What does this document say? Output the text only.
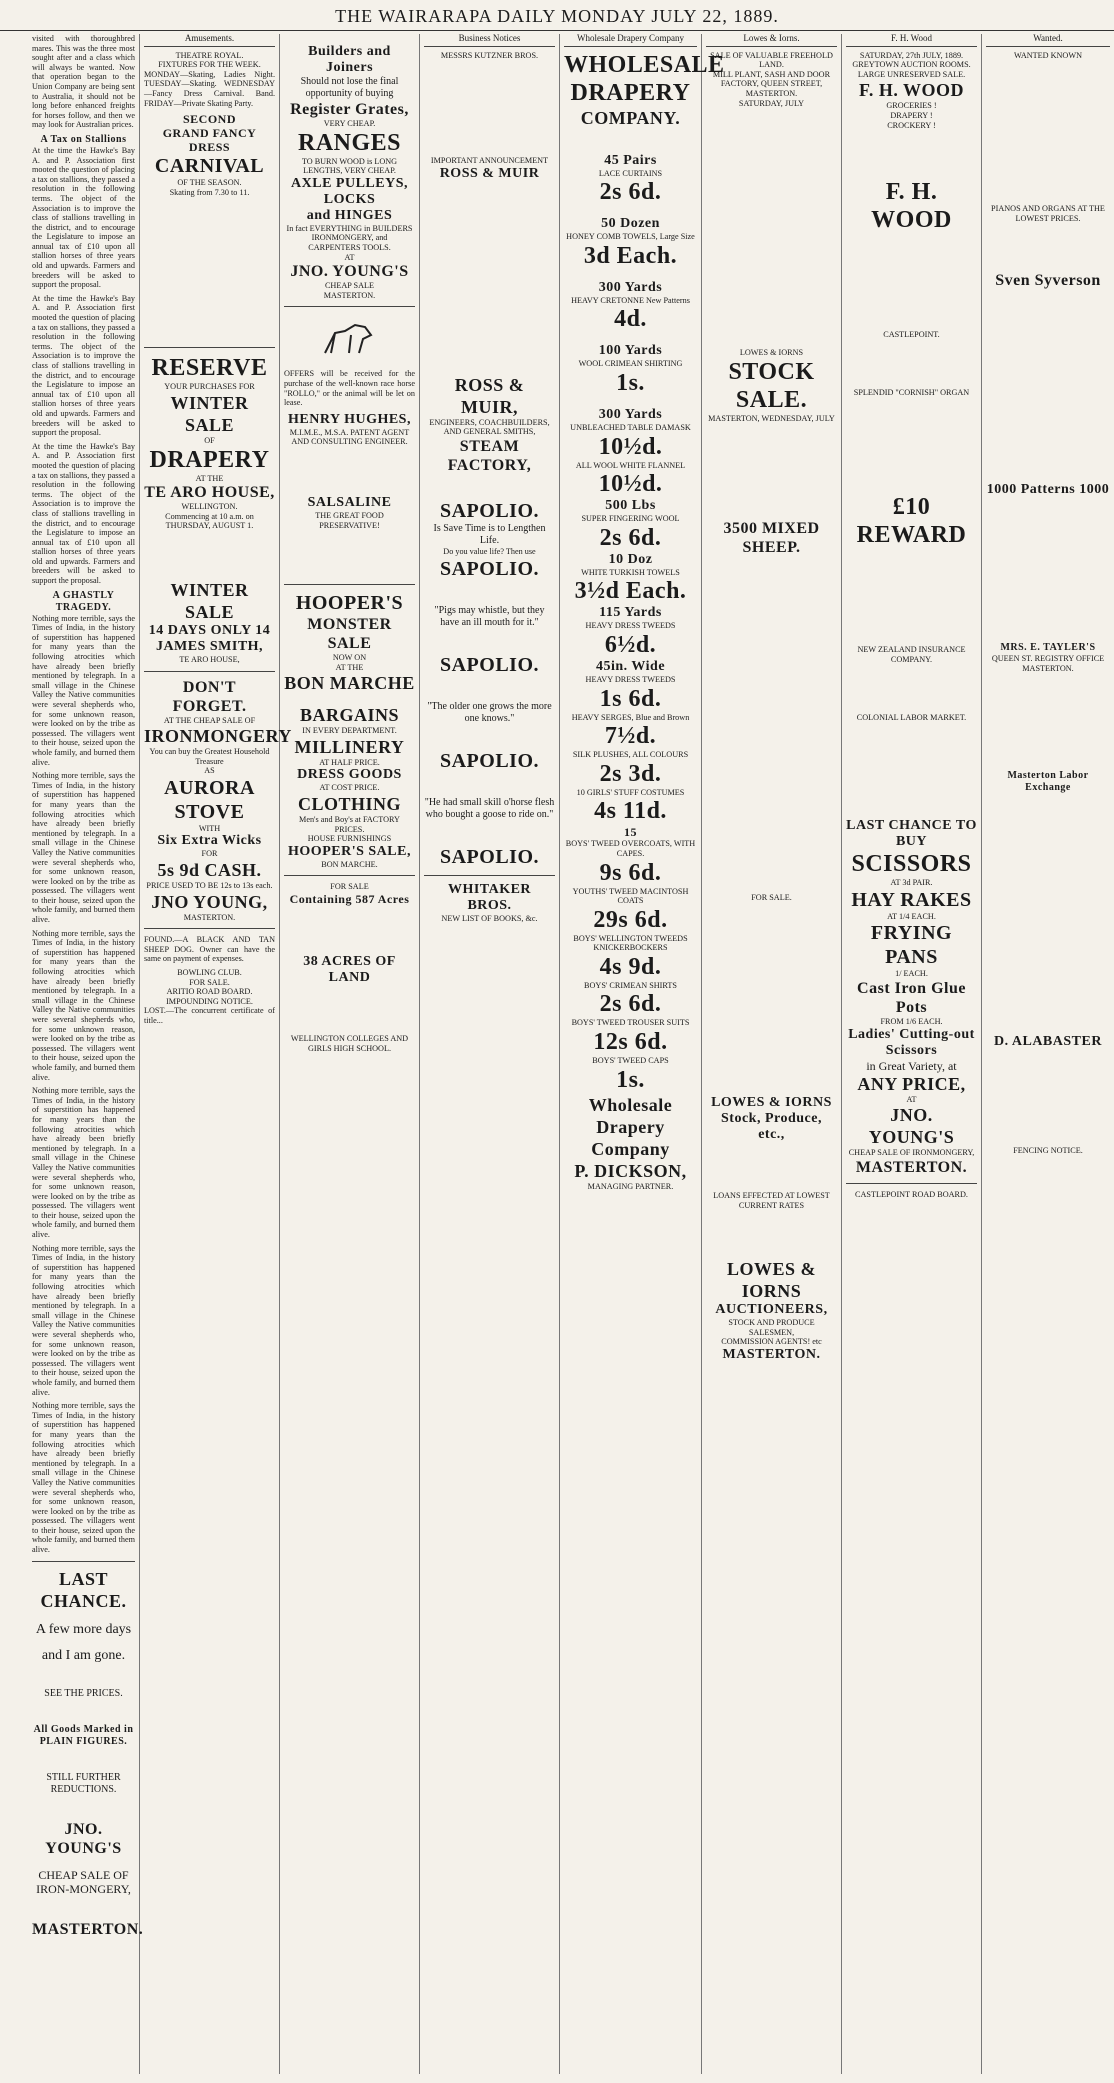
THE WAIRARAPA DAILY MONDAY JULY 22, 1889.

visited with thoroughbred mares. This was the three most sought after and a class which will always be wanted. Now that operation began to the Union Company are being sent to Australia, it should not be long before enhanced freights for horses follow, and then we may look for Australian prices.

A Tax on Stallions

At the time the Hawke's Bay A. and P. Association first mooted the question of placing a tax on stallions, they passed a resolution in the following terms. The object of the Association is to improve the class of stallions travelling in the district, and to encourage the Legislature to impose an annual tax of £10 upon all stallion horses of three years old and upwards. Farmers and breeders will be asked to support the proposal.

At the time the Hawke's Bay A. and P. Association first mooted the question of placing a tax on stallions, they passed a resolution in the following terms. The object of the Association is to improve the class of stallions travelling in the district, and to encourage the Legislature to impose an annual tax of £10 upon all stallion horses of three years old and upwards. Farmers and breeders will be asked to support the proposal.

At the time the Hawke's Bay A. and P. Association first mooted the question of placing a tax on stallions, they passed a resolution in the following terms. The object of the Association is to improve the class of stallions travelling in the district, and to encourage the Legislature to impose an annual tax of £10 upon all stallion horses of three years old and upwards. Farmers and breeders will be asked to support the proposal.

A GHASTLY TRAGEDY.

Nothing more terrible, says the Times of India, in the history of superstition has happened for many years than the following atrocities which have already been briefly mentioned by telegraph. In a small village in the Chinese Valley the Native communities were several shepherds who, for some unknown reason, were looked on by the tribe as possessed. The villagers went to their house, seized upon the whole family, and burned them alive.

Nothing more terrible, says the Times of India, in the history of superstition has happened for many years than the following atrocities which have already been briefly mentioned by telegraph. In a small village in the Chinese Valley the Native communities were several shepherds who, for some unknown reason, were looked on by the tribe as possessed. The villagers went to their house, seized upon the whole family, and burned them alive.

Nothing more terrible, says the Times of India, in the history of superstition has happened for many years than the following atrocities which have already been briefly mentioned by telegraph. In a small village in the Chinese Valley the Native communities were several shepherds who, for some unknown reason, were looked on by the tribe as possessed. The villagers went to their house, seized upon the whole family, and burned them alive.

Nothing more terrible, says the Times of India, in the history of superstition has happened for many years than the following atrocities which have already been briefly mentioned by telegraph. In a small village in the Chinese Valley the Native communities were several shepherds who, for some unknown reason, were looked on by the tribe as possessed. The villagers went to their house, seized upon the whole family, and burned them alive.

Nothing more terrible, says the Times of India, in the history of superstition has happened for many years than the following atrocities which have already been briefly mentioned by telegraph. In a small village in the Chinese Valley the Native communities were several shepherds who, for some unknown reason, were looked on by the tribe as possessed. The villagers went to their house, seized upon the whole family, and burned them alive.

Nothing more terrible, says the Times of India, in the history of superstition has happened for many years than the following atrocities which have already been briefly mentioned by telegraph. In a small village in the Chinese Valley the Native communities were several shepherds who, for some unknown reason, were looked on by the tribe as possessed. The villagers went to their house, seized upon the whole family, and burned them alive.

LAST CHANCE.
A few more days
and I am gone.
SEE THE PRICES.
All Goods Marked in PLAIN FIGURES.
STILL FURTHER REDUCTIONS.
JNO. YOUNG'S
CHEAP SALE OF IRON-MONGERY,
MASTERTON.
Amusements.
THEATRE ROYAL.
FIXTURES FOR THE WEEK.

MONDAY—Skating, Ladies Night. TUESDAY—Skating. WEDNESDAY—Fancy Dress Carnival. Band. FRIDAY—Private Skating Party.

SECOND
GRAND FANCY DRESS
CARNIVAL
OF THE SEASON.
Skating from 7.30 to 11.
RESERVE
YOUR PURCHASES FOR
WINTER SALE
OF
DRAPERY
AT THE
TE ARO HOUSE,
WELLINGTON.
Commencing at 10 a.m. on THURSDAY, AUGUST 1.
WINTER SALE
14 DAYS ONLY 14
JAMES SMITH,
TE ARO HOUSE,
DON'T FORGET.
AT THE CHEAP SALE OF
IRONMONGERY
You can buy the Greatest Household Treasure
AS
AURORA STOVE
WITH
Six Extra Wicks
FOR
5s 9d CASH.
PRICE USED TO BE 12s to 13s each.
JNO YOUNG,
MASTERTON.

FOUND.—A BLACK AND TAN SHEEP DOG. Owner can have the same on payment of expenses.

BOWLING CLUB.
FOR SALE.
ARITIO ROAD BOARD.
IMPOUNDING NOTICE.

LOST.—The concurrent certificate of title...

Builders and Joiners
Should not lose the final opportunity of buying
Register Grates,
VERY CHEAP.
RANGES
TO BURN WOOD is LONG
LENGTHS, VERY CHEAP.
AXLE PULLEYS, LOCKS
and HINGES
In fact EVERYTHING in BUILDERS IRONMONGERY, and
CARPENTERS TOOLS.
AT
JNO. YOUNG'S
CHEAP SALE
MASTERTON.

OFFERS will be received for the purchase of the well-known race horse "ROLLO," or the animal will be let on lease.

HENRY HUGHES,
M.I.M.E., M.S.A. PATENT AGENT AND CONSULTING ENGINEER.
SALSALINE
THE GREAT FOOD PRESERVATIVE!
HOOPER'S
MONSTER SALE
NOW ON
AT THE
BON MARCHE
BARGAINS
IN EVERY DEPARTMENT.
MILLINERY
AT HALF PRICE.
DRESS GOODS
AT COST PRICE.
CLOTHING
Men's and Boy's at FACTORY PRICES.
HOUSE FURNISHINGS
HOOPER'S SALE,
BON MARCHE.
FOR SALE
Containing 587 Acres
38 ACRES OF LAND
WELLINGTON COLLEGES AND GIRLS HIGH SCHOOL.
Business Notices
MESSRS KUTZNER BROS.
IMPORTANT ANNOUNCEMENT
ROSS & MUIR
ROSS & MUIR,
ENGINEERS, COACHBUILDERS, AND GENERAL SMITHS,
STEAM FACTORY,
SAPOLIO.
Is Save Time is to Lengthen Life.
Do you value life? Then use
SAPOLIO.
"Pigs may whistle, but they have an ill mouth for it."
SAPOLIO.
"The older one grows the more one knows."
SAPOLIO.
"He had small skill o'horse flesh who bought a goose to ride on."
SAPOLIO.
WHITAKER BROS.
NEW LIST OF BOOKS, &c.
Wholesale Drapery Company
WHOLESALE
DRAPERY
COMPANY.
45 Pairs
LACE CURTAINS
2s 6d.
50 Dozen
HONEY COMB TOWELS, Large Size
3d Each.
300 Yards
HEAVY CRETONNE New Patterns
4d.
100 Yards
WOOL CRIMEAN SHIRTING
1s.
300 Yards
UNBLEACHED TABLE DAMASK
10½d.
ALL WOOL WHITE FLANNEL
10½d.
500 Lbs
SUPER FINGERING WOOL
2s 6d.
10 Doz
WHITE TURKISH TOWELS
3½d Each.
115 Yards
HEAVY DRESS TWEEDS
6½d.
45in. Wide
HEAVY DRESS TWEEDS
1s 6d.
HEAVY SERGES, Blue and Brown
7½d.
SILK PLUSHES, ALL COLOURS
2s 3d.
10 GIRLS' STUFF COSTUMES
4s 11d.
15
BOYS' TWEED OVERCOATS, WITH CAPES.
9s 6d.
YOUTHS' TWEED MACINTOSH COATS
29s 6d.
BOYS' WELLINGTON TWEEDS KNICKERBOCKERS
4s 9d.
BOYS' CRIMEAN SHIRTS
2s 6d.
BOYS' TWEED TROUSER SUITS
12s 6d.
BOYS' TWEED CAPS
1s.
Wholesale Drapery
Company
P. DICKSON,
MANAGING PARTNER.
Lowes & Iorns.
SALE OF VALUABLE FREEHOLD LAND.
MILL PLANT, SASH AND DOOR FACTORY, QUEEN STREET, MASTERTON.
SATURDAY, JULY
LOWES & IORNS
STOCK SALE.
MASTERTON, WEDNESDAY, JULY
3500 MIXED SHEEP.
FOR SALE.
LOWES & IORNS
Stock, Produce, etc.,
LOANS EFFECTED AT LOWEST CURRENT RATES
LOWES & IORNS
AUCTIONEERS,
STOCK AND PRODUCE SALESMEN,
COMMISSION AGENTS! etc
MASTERTON.
F. H. Wood
SATURDAY, 27th JULY, 1889.
GREYTOWN AUCTION ROOMS.
LARGE UNRESERVED SALE.
F. H. WOOD
GROCERIES !
DRAPERY !
CROCKERY !
F. H. WOOD
CASTLEPOINT.
SPLENDID "CORNISH" ORGAN
£10 REWARD
NEW ZEALAND INSURANCE COMPANY.
COLONIAL LABOR MARKET.
LAST CHANCE TO BUY
SCISSORS
AT 3d PAIR.
HAY RAKES
AT 1/4 EACH.
FRYING PANS
1/ EACH.
Cast Iron Glue Pots
FROM 1/6 EACH.
Ladies' Cutting-out Scissors
in Great Variety, at
ANY PRICE,
AT
JNO. YOUNG'S
CHEAP SALE OF IRONMONGERY,
MASTERTON.
CASTLEPOINT ROAD BOARD.
Wanted.
WANTED KNOWN
PIANOS AND ORGANS AT THE LOWEST PRICES.
Sven Syverson
1000 Patterns 1000
MRS. E. TAYLER'S
QUEEN ST. REGISTRY OFFICE
MASTERTON.
Masterton Labor Exchange
D. ALABASTER
FENCING NOTICE.
